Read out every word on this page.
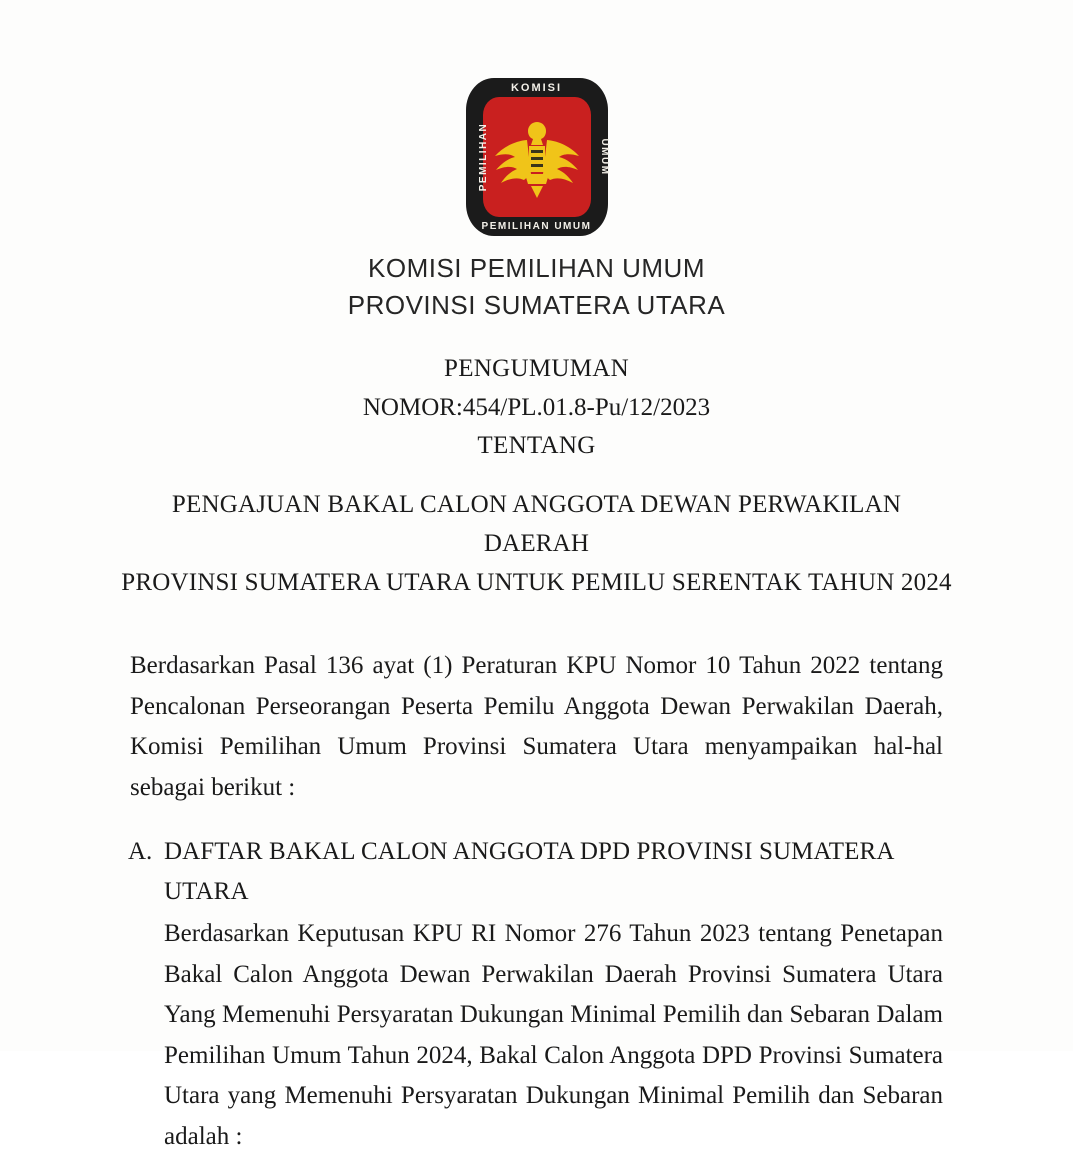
KOMISI
PEMILIHAN	UMUM
PEMILIHAN UMUM
KOMISI PEMILIHAN UMUM
PROVINSI SUMATERA UTARA
PENGUMUMAN
NOMOR:454/PL.01.8-Pu/12/2023
TENTANG
PENGAJUAN BAKAL CALON ANGGOTA DEWAN PERWAKILAN DAERAH
PROVINSI SUMATERA UTARA UNTUK PEMILU SERENTAK TAHUN 2024
Berdasarkan Pasal 136 ayat (1) Peraturan KPU Nomor 10 Tahun 2022 tentang Pencalonan Perseorangan Peserta Pemilu Anggota Dewan Perwakilan Daerah, Komisi Pemilihan Umum Provinsi Sumatera Utara menyampaikan hal-hal sebagai berikut :
A. DAFTAR BAKAL CALON ANGGOTA DPD PROVINSI SUMATERA UTARA
Berdasarkan Keputusan KPU RI Nomor 276 Tahun 2023 tentang Penetapan Bakal Calon Anggota Dewan Perwakilan Daerah Provinsi Sumatera Utara Yang Memenuhi Persyaratan Dukungan Minimal Pemilih dan Sebaran Dalam Pemilihan Umum Tahun 2024, Bakal Calon Anggota DPD Provinsi Sumatera Utara yang Memenuhi Persyaratan Dukungan Minimal Pemilih dan Sebaran adalah :
